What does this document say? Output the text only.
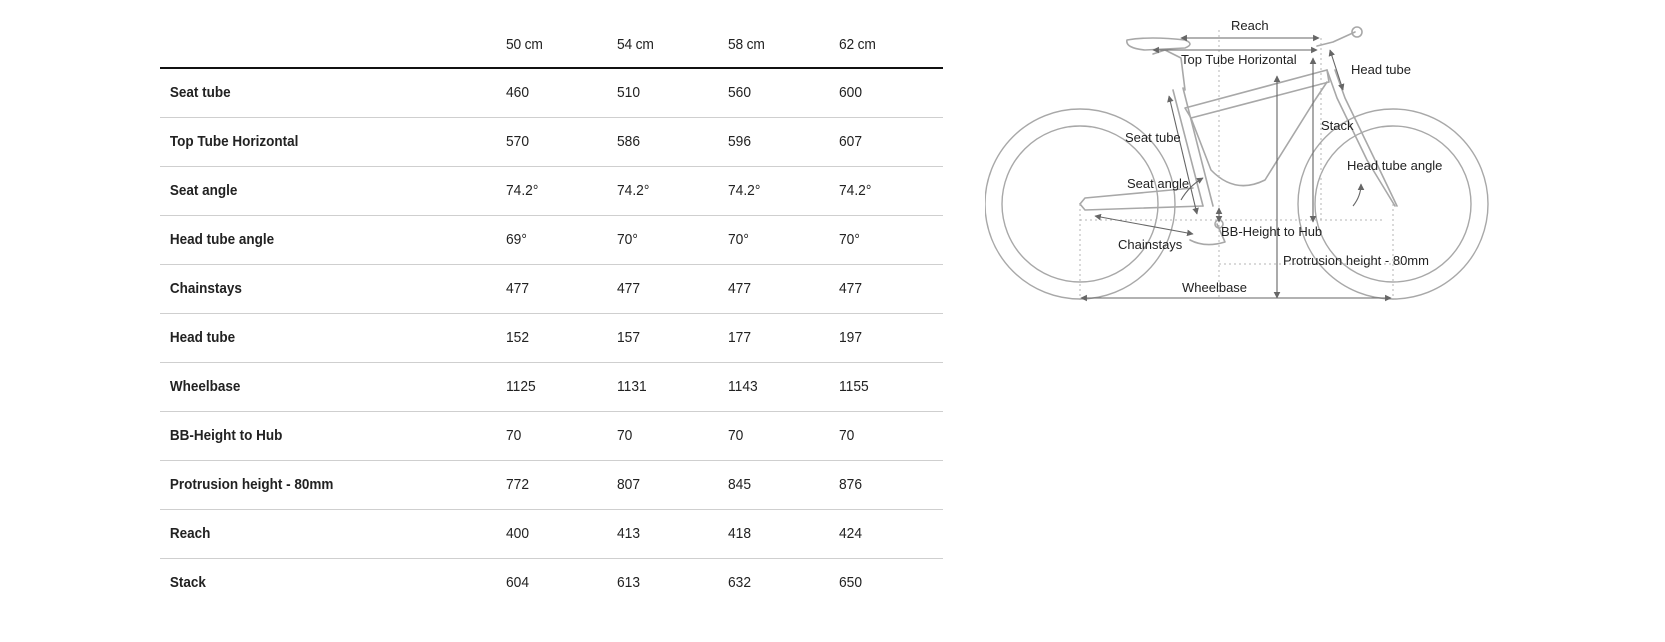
	50 cm	54 cm	58 cm	62 cm
Seat tube	460	510	560	600
Top Tube Horizontal	570	586	596	607
Seat angle	74.2°	74.2°	74.2°	74.2°
Head tube angle	69°	70°	70°	70°
Chainstays	477	477	477	477
Head tube	152	157	177	197
Wheelbase	1125	1131	1143	1155
BB-Height to Hub	70	70	70	70
Protrusion height - 80mm	772	807	845	876
Reach	400	413	418	424
Stack	604	613	632	650
Reach
Top Tube Horizontal
Head tube
Stack
Seat tube
Head tube angle
Seat angle
BB-Height to Hub
Chainstays
Protrusion height - 80mm
Wheelbase
